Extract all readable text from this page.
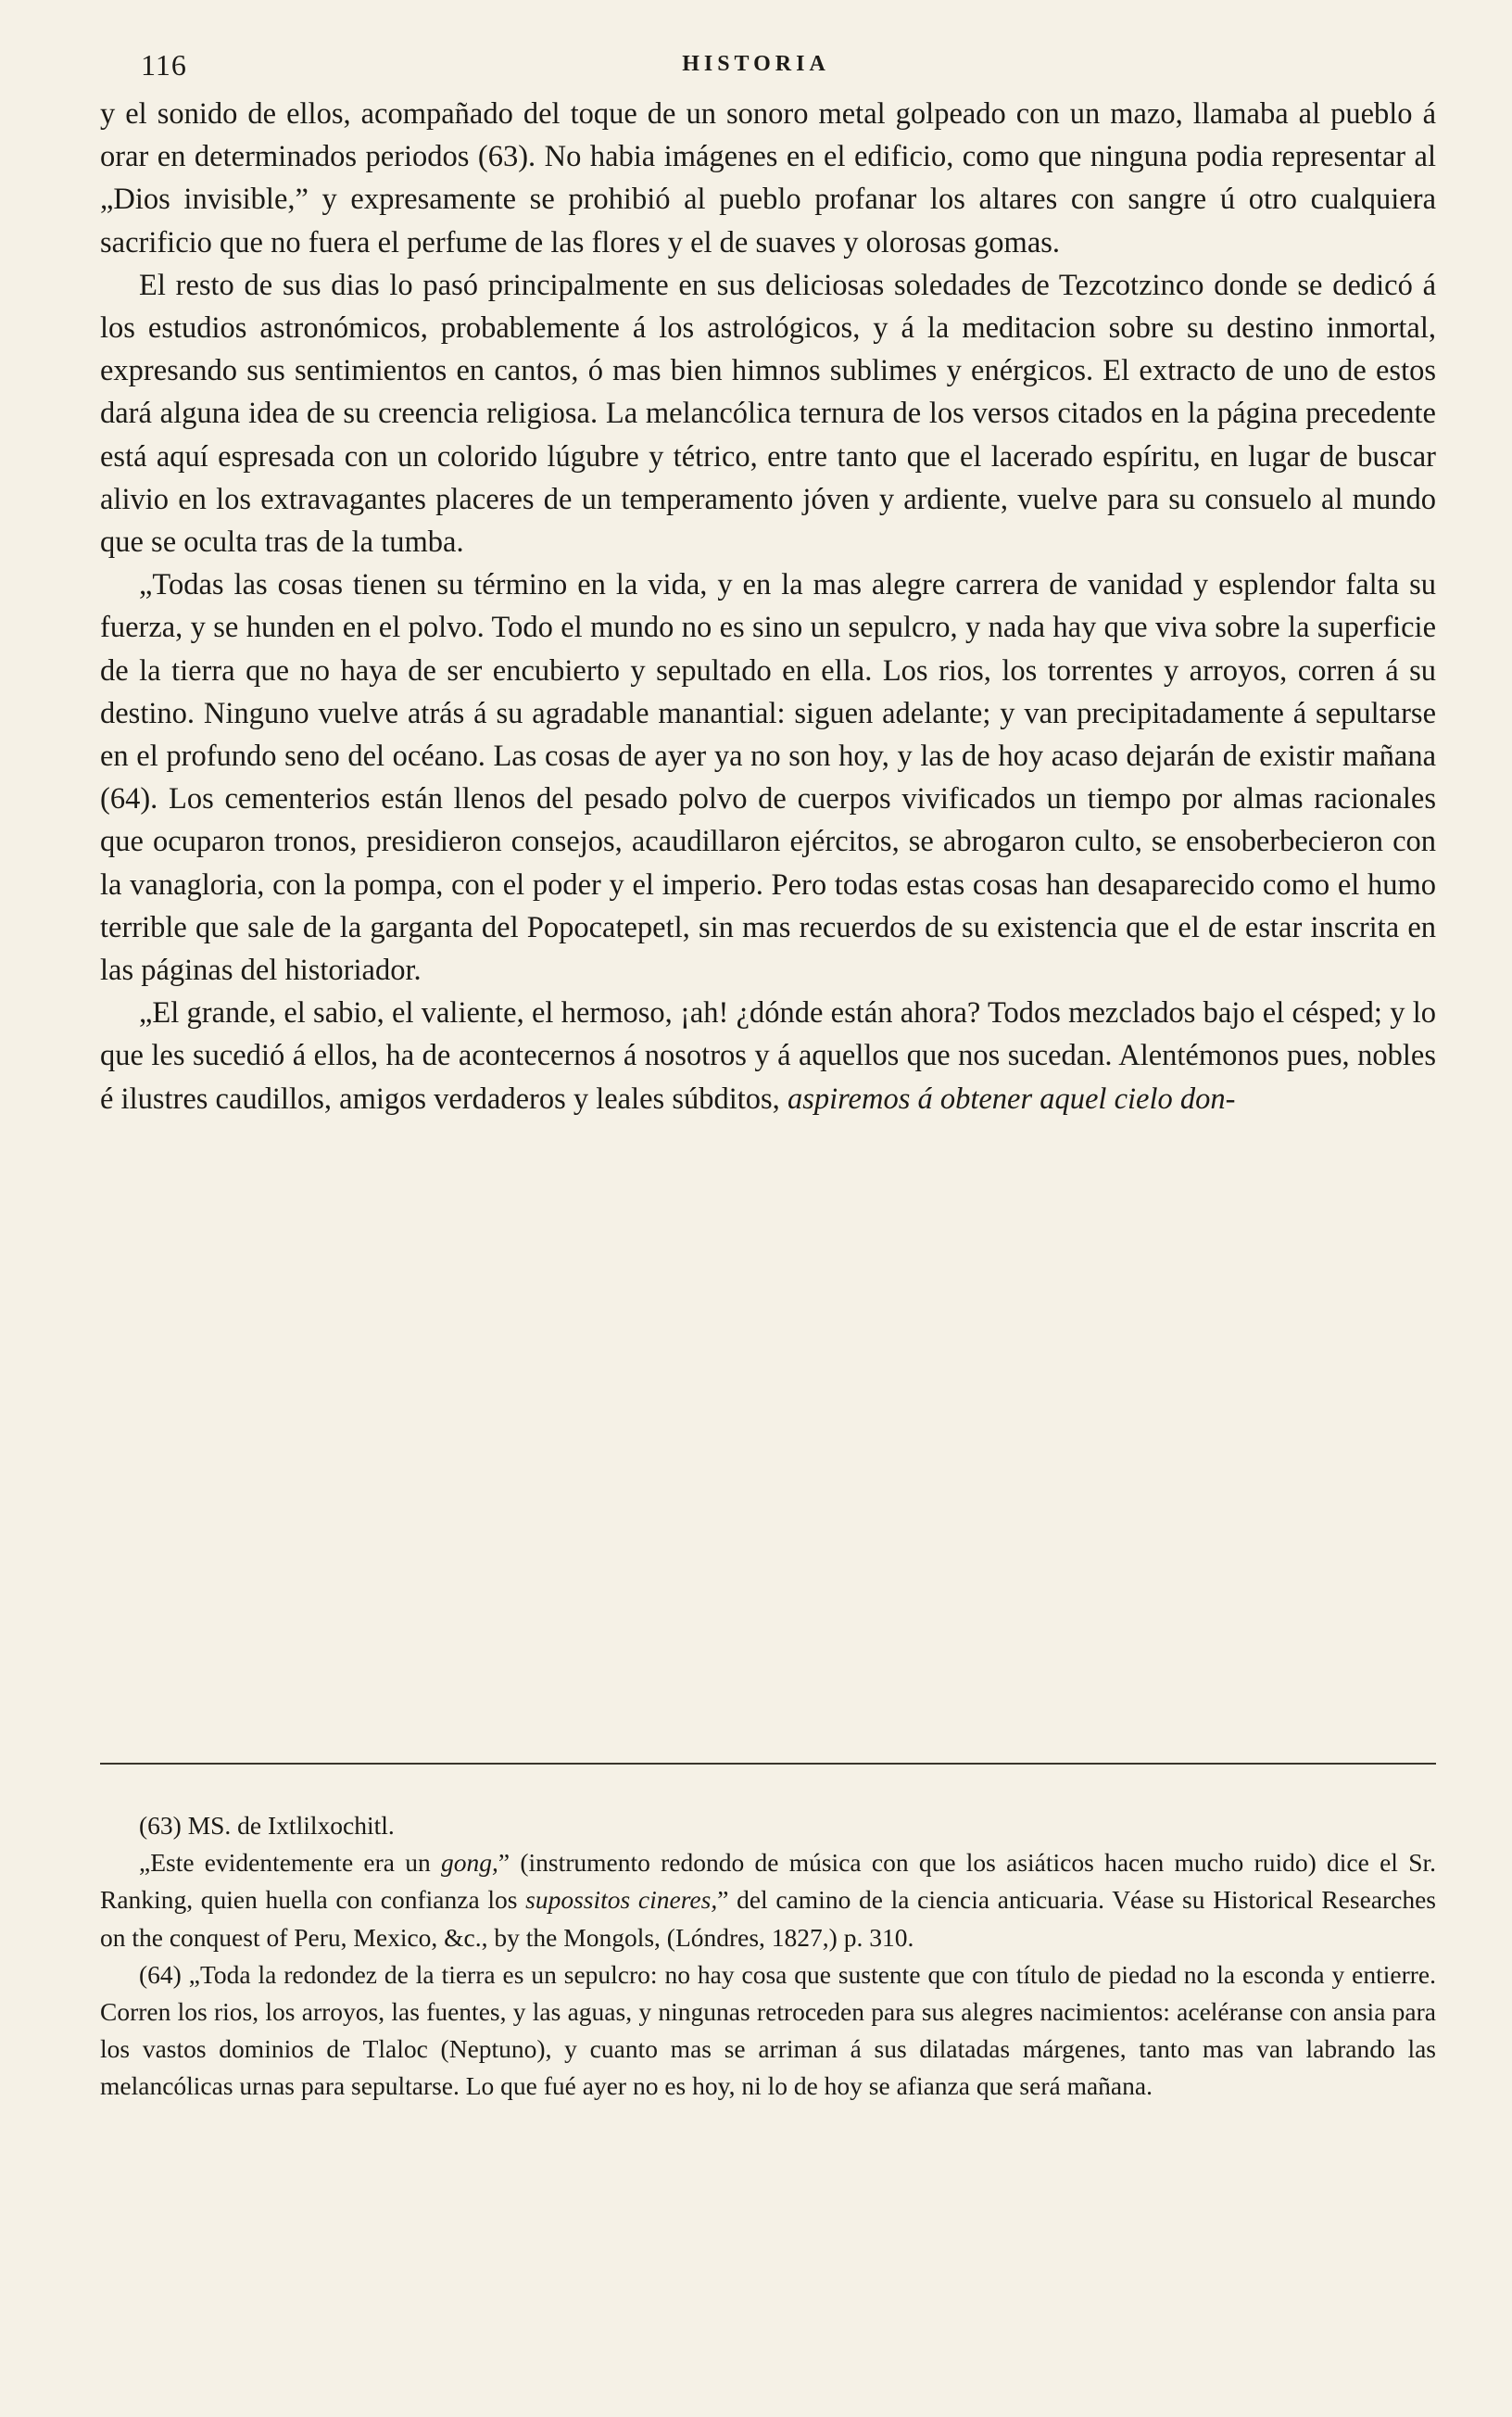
116	HISTORIA

y el sonido de ellos, acompañado del toque de un sonoro metal golpeado con un mazo, llamaba al pueblo á orar en determinados periodos (63). No habia imágenes en el edificio, como que ninguna podia representar al „Dios invisible,” y expresamente se prohibió al pueblo profanar los altares con sangre ú otro cualquiera sacrificio que no fuera el perfume de las flores y el de suaves y olorosas gomas.

El resto de sus dias lo pasó principalmente en sus deliciosas soledades de Tezcotzinco donde se dedicó á los estudios astronómicos, probablemente á los astrológicos, y á la meditacion sobre su destino inmortal, expresando sus sentimientos en cantos, ó mas bien himnos sublimes y enérgicos. El extracto de uno de estos dará alguna idea de su creencia religiosa. La melancólica ternura de los versos citados en la página precedente está aquí espresada con un colorido lúgubre y tétrico, entre tanto que el lacerado espíritu, en lugar de buscar alivio en los extravagantes placeres de un temperamento jóven y ardiente, vuelve para su consuelo al mundo que se oculta tras de la tumba.

„Todas las cosas tienen su término en la vida, y en la mas alegre carrera de vanidad y esplendor falta su fuerza, y se hunden en el polvo. Todo el mundo no es sino un sepulcro, y nada hay que viva sobre la superficie de la tierra que no haya de ser encubierto y sepultado en ella. Los rios, los torrentes y arroyos, corren á su destino. Ninguno vuelve atrás á su agradable manantial: siguen adelante; y van precipitadamente á sepultarse en el profundo seno del océano. Las cosas de ayer ya no son hoy, y las de hoy acaso dejarán de existir mañana (64). Los cementerios están llenos del pesado polvo de cuerpos vivificados un tiempo por almas racionales que ocuparon tronos, presidieron consejos, acaudillaron ejércitos, se abrogaron culto, se ensoberbecieron con la vanagloria, con la pompa, con el poder y el imperio. Pero todas estas cosas han desaparecido como el humo terrible que sale de la garganta del Popocatepetl, sin mas recuerdos de su existencia que el de estar inscrita en las páginas del historiador.

„El grande, el sabio, el valiente, el hermoso, ¡ah! ¿dónde están ahora? Todos mezclados bajo el césped; y lo que les sucedió á ellos, ha de acontecernos á nosotros y á aquellos que nos sucedan. Alentémonos pues, nobles é ilustres caudillos, amigos verdaderos y leales súbditos, aspiremos á obtener aquel cielo don-

(63) MS. de Ixtlilxochitl.

„Este evidentemente era un gong,” (instrumento redondo de música con que los asiáticos hacen mucho ruido) dice el Sr. Ranking, quien huella con confianza los supossitos cineres,” del camino de la ciencia anticuaria. Véase su Historical Researches on the conquest of Peru, Mexico, &c., by the Mongols, (Lóndres, 1827,) p. 310.

(64) „Toda la redondez de la tierra es un sepulcro: no hay cosa que sustente que con título de piedad no la esconda y entierre. Corren los rios, los arroyos, las fuentes, y las aguas, y ningunas retroceden para sus alegres nacimientos: aceléranse con ansia para los vastos dominios de Tlaloc (Neptuno), y cuanto mas se arriman á sus dilatadas márgenes, tanto mas van labrando las melancólicas urnas para sepultarse. Lo que fué ayer no es hoy, ni lo de hoy se afianza que será mañana.
